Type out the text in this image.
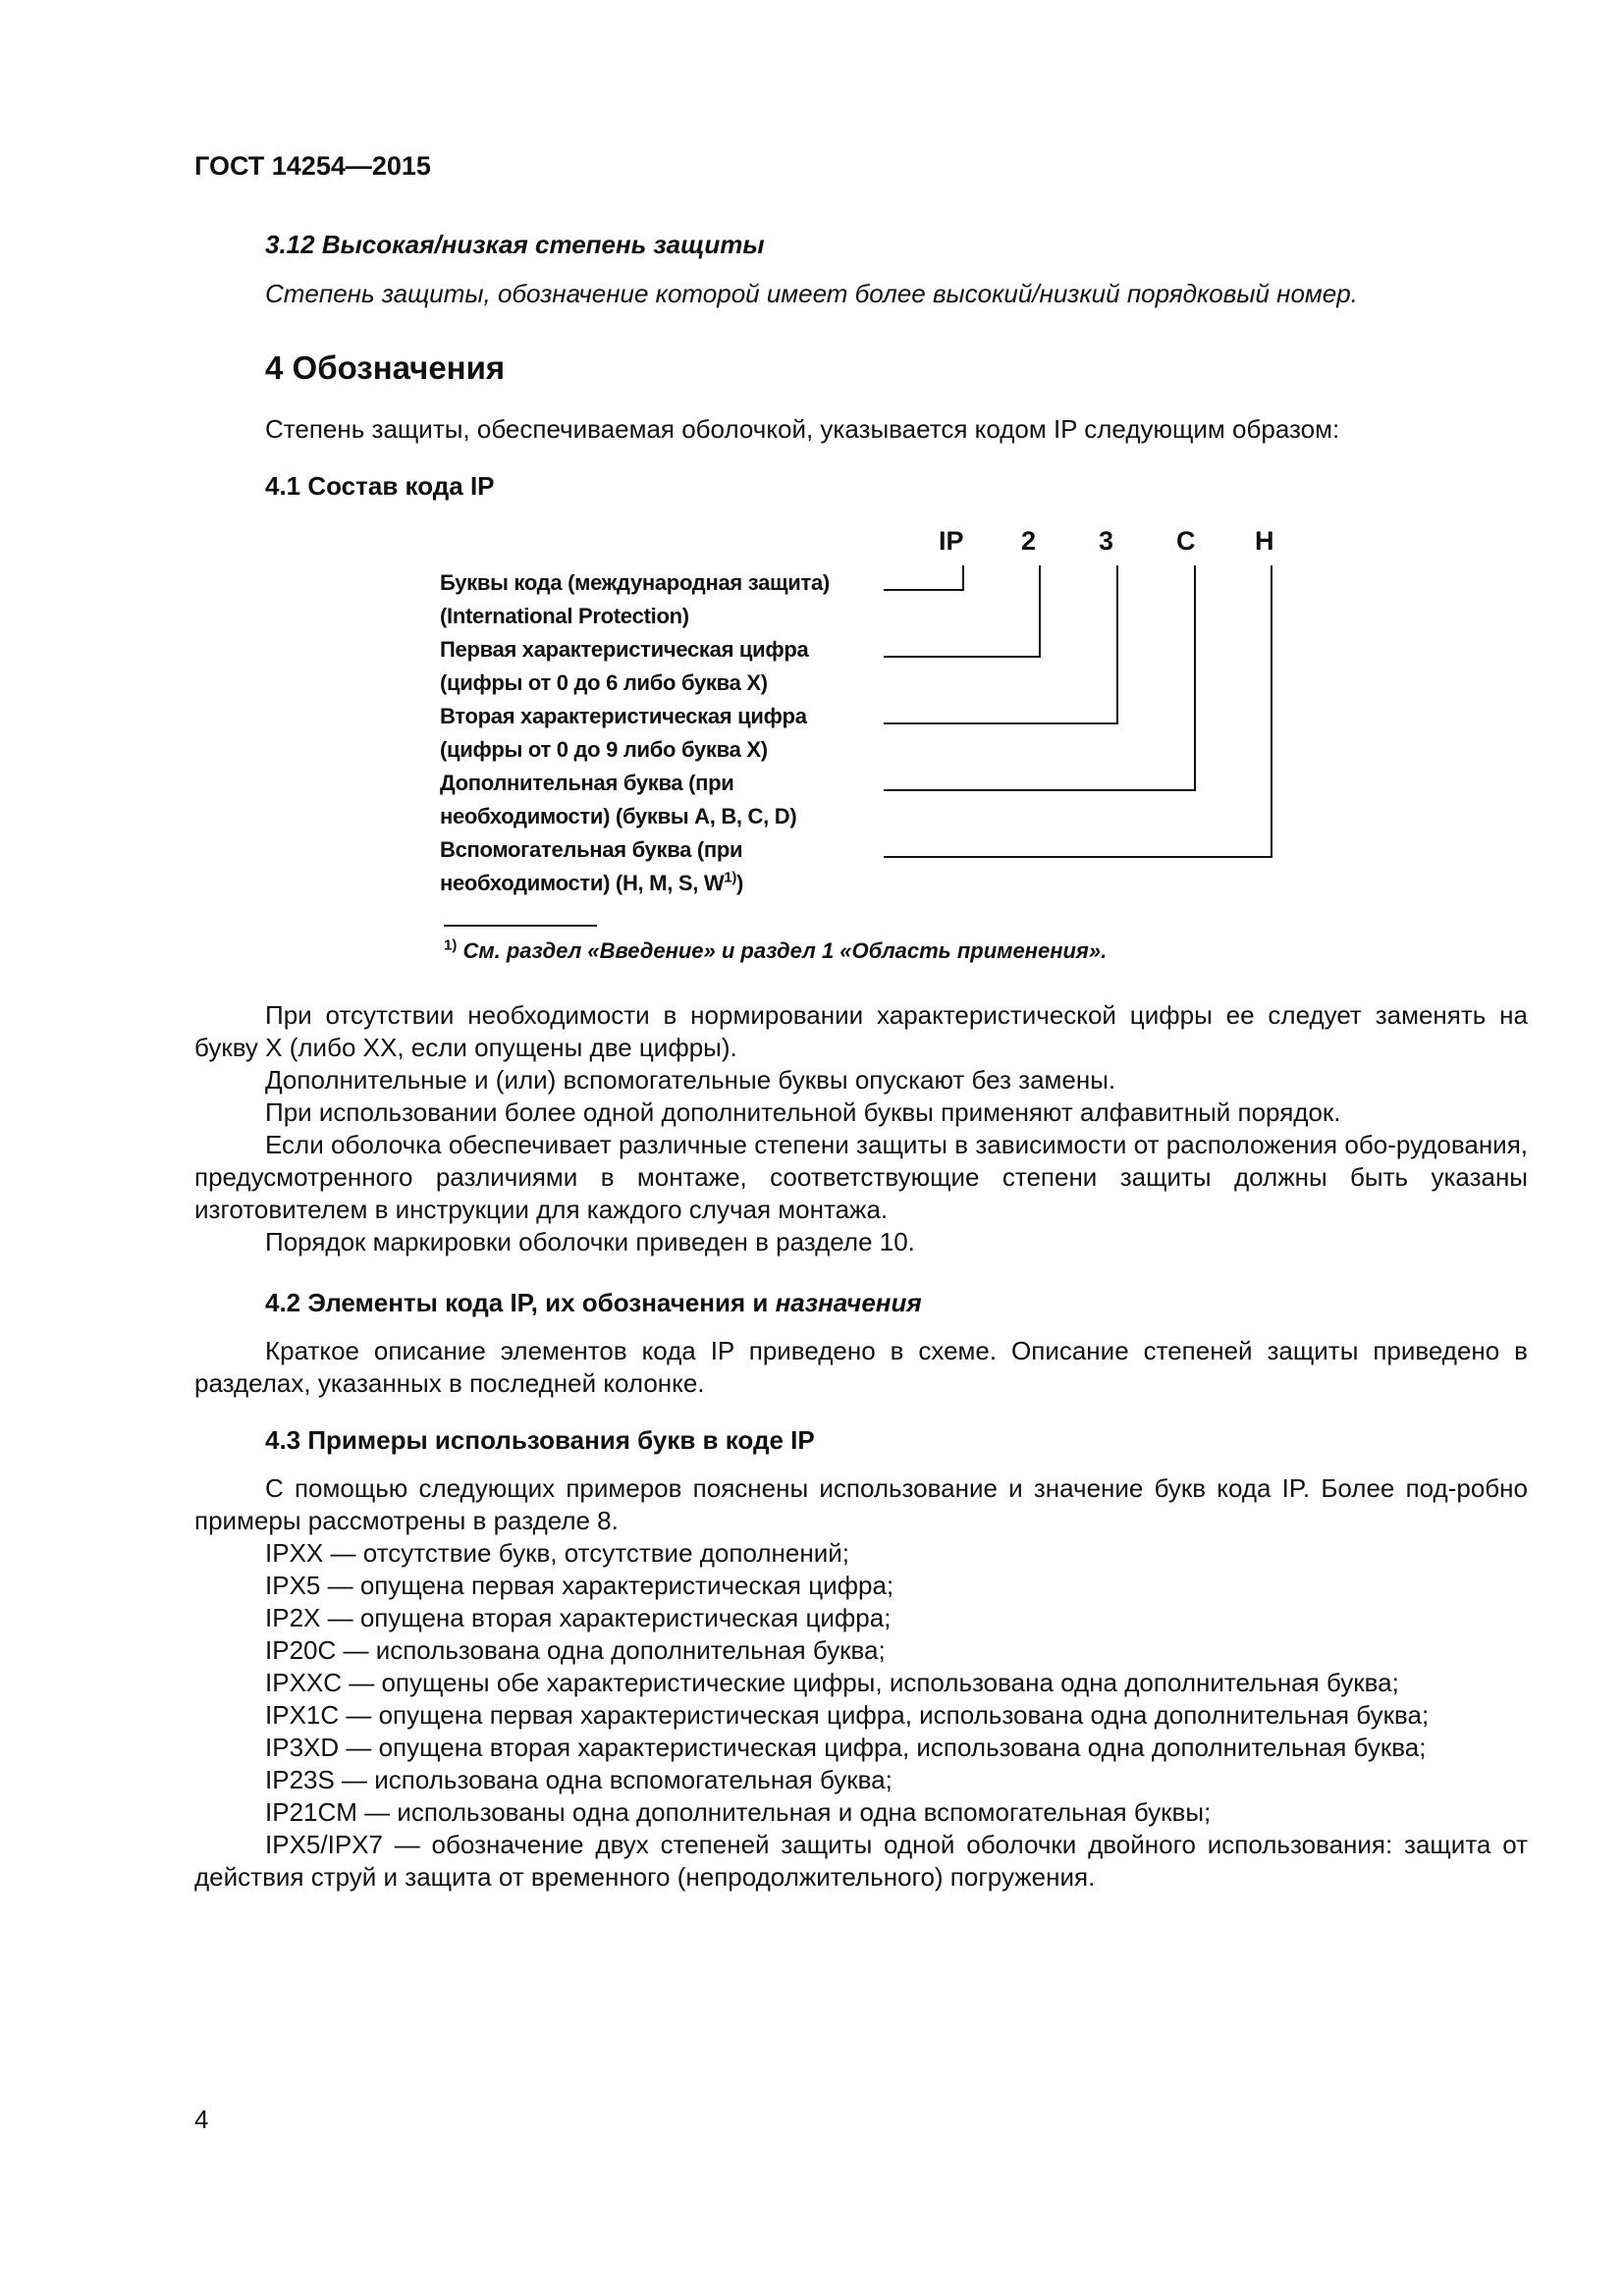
ГОСТ 14254—2015

3.12 Высокая/низкая степень защиты

Степень защиты, обозначение которой имеет более высокий/низкий порядковый номер.

4 Обозначения

Степень защиты, обеспечиваемая оболочкой, указывается кодом IP следующим образом:

4.1 Состав кода IP

IP 2 3 C H
Буквы кода (международная защита)
(International Protection)
Первая характеристическая цифра
(цифры от 0 до 6 либо буква X)
Вторая характеристическая цифра
(цифры от 0 до 9 либо буква X)
Дополнительная буква (при
необходимости) (буквы A, B, C, D)
Вспомогательная буква (при
необходимости) (H, M, S, $W^{1)}$)

$^{1)}$ См. раздел «Введение» и раздел 1 «Область применения».

При отсутствии необходимости в нормировании характеристической цифры ее следует заменять на букву X (либо XX, если опущены две цифры).

Дополнительные и (или) вспомогательные буквы опускают без замены.

При использовании более одной дополнительной буквы применяют алфавитный порядок.

Если оболочка обеспечивает различные степени защиты в зависимости от расположения обо-рудования, предусмотренного различиями в монтаже, соответствующие степени защиты должны быть указаны изготовителем в инструкции для каждого случая монтажа.

Порядок маркировки оболочки приведен в разделе 10.

4.2 Элементы кода IP, их обозначения и назначения

Краткое описание элементов кода IP приведено в схеме. Описание степеней защиты приведено в разделах, указанных в последней колонке.

4.3 Примеры использования букв в коде IP

С помощью следующих примеров пояснены использование и значение букв кода IP. Более под-робно примеры рассмотрены в разделе 8.

IPXX — отсутствие букв, отсутствие дополнений;

IPX5 — опущена первая характеристическая цифра;

IP2X — опущена вторая характеристическая цифра;

IP20C — использована одна дополнительная буква;

IPXXC — опущены обе характеристические цифры, использована одна дополнительная буква;

IPX1C — опущена первая характеристическая цифра, использована одна дополнительная буква;

IP3XD — опущена вторая характеристическая цифра, использована одна дополнительная буква;

IP23S — использована одна вспомогательная буква;

IP21CM — использованы одна дополнительная и одна вспомогательная буквы;

IPX5/IPX7 — обозначение двух степеней защиты одной оболочки двойного использования: защита от действия струй и защита от временного (непродолжительного) погружения.

4
